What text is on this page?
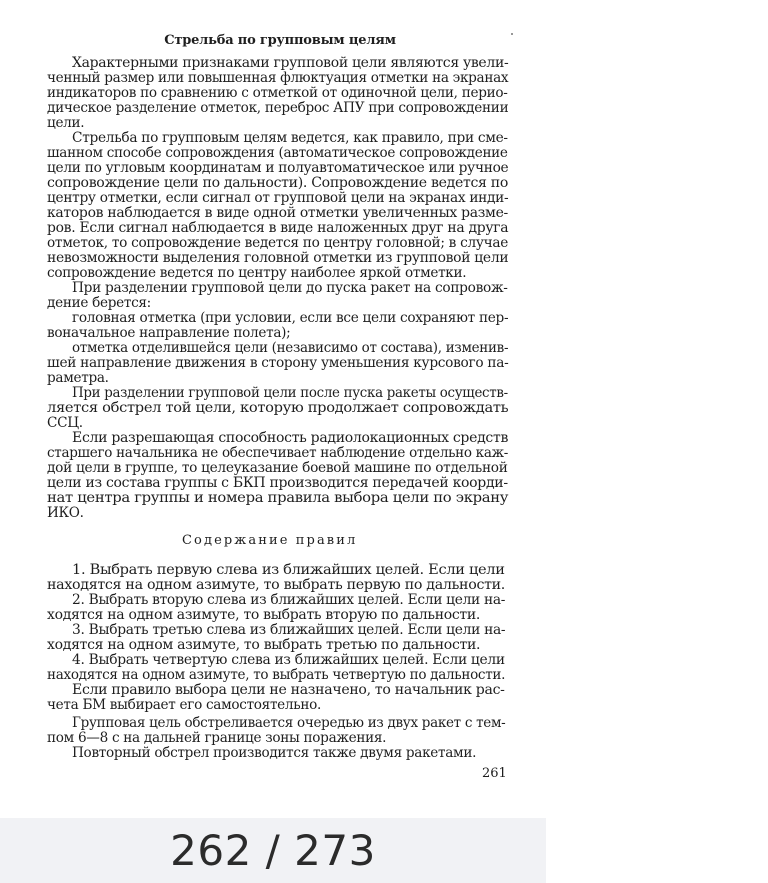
Стрельба по групповым целям
Характерными признаками групповой цели являются увели-
ченный размер или повышенная флюктуация отметки на экранах
индикаторов по сравнению с отметкой от одиночной цели, перио-
дическое разделение отметок, переброс АПУ при сопровождении
цели.
Стрельба по групповым целям ведется, как правило, при сме-
шанном способе сопровождения (автоматическое сопровождение
цели по угловым координатам и полуавтоматическое или ручное
сопровождение цели по дальности). Сопровождение ведется по
центру отметки, если сигнал от групповой цели на экранах инди-
каторов наблюдается в виде одной отметки увеличенных разме-
ров. Если сигнал наблюдается в виде наложенных друг на друга
отметок, то сопровождение ведется по центру головной; в случае
невозможности выделения головной отметки из групповой цели
сопровождение ведется по центру наиболее яркой отметки.
При разделении групповой цели до пуска ракет на сопровож-
дение берется:
головная отметка (при условии, если все цели сохраняют пер-
воначальное направление полета);
отметка отделившейся цели (независимо от состава), изменив-
шей направление движения в сторону уменьшения курсового па-
раметра.
При разделении групповой цели после пуска ракеты осуществ-
ляется обстрел той цели, которую продолжает сопровождать
ССЦ.
Если разрешающая способность радиолокационных средств
старшего начальника не обеспечивает наблюдение отдельно каж-
дой цели в группе, то целеуказание боевой машине по отдельной
цели из состава группы с БКП производится передачей коорди-
нат центра группы и номера правила выбора цели по экрану
ИКО.
Содержание правил
1. Выбрать первую слева из ближайших целей. Если цели
находятся на одном азимуте, то выбрать первую по дальности.
2. Выбрать вторую слева из ближайших целей. Если цели на-
ходятся на одном азимуте, то выбрать вторую по дальности.
3. Выбрать третью слева из ближайших целей. Если цели на-
ходятся на одном азимуте, то выбрать третью по дальности.
4. Выбрать четвертую слева из ближайших целей. Если цели
находятся на одном азимуте, то выбрать четвертую по дальности.
Если правило выбора цели не назначено, то начальник рас-
чета БМ выбирает его самостоятельно.
Групповая цель обстреливается очередью из двух ракет с тем-
пом 6—8 с на дальней границе зоны поражения.
Повторный обстрел производится также двумя ракетами.
261
262 / 273
